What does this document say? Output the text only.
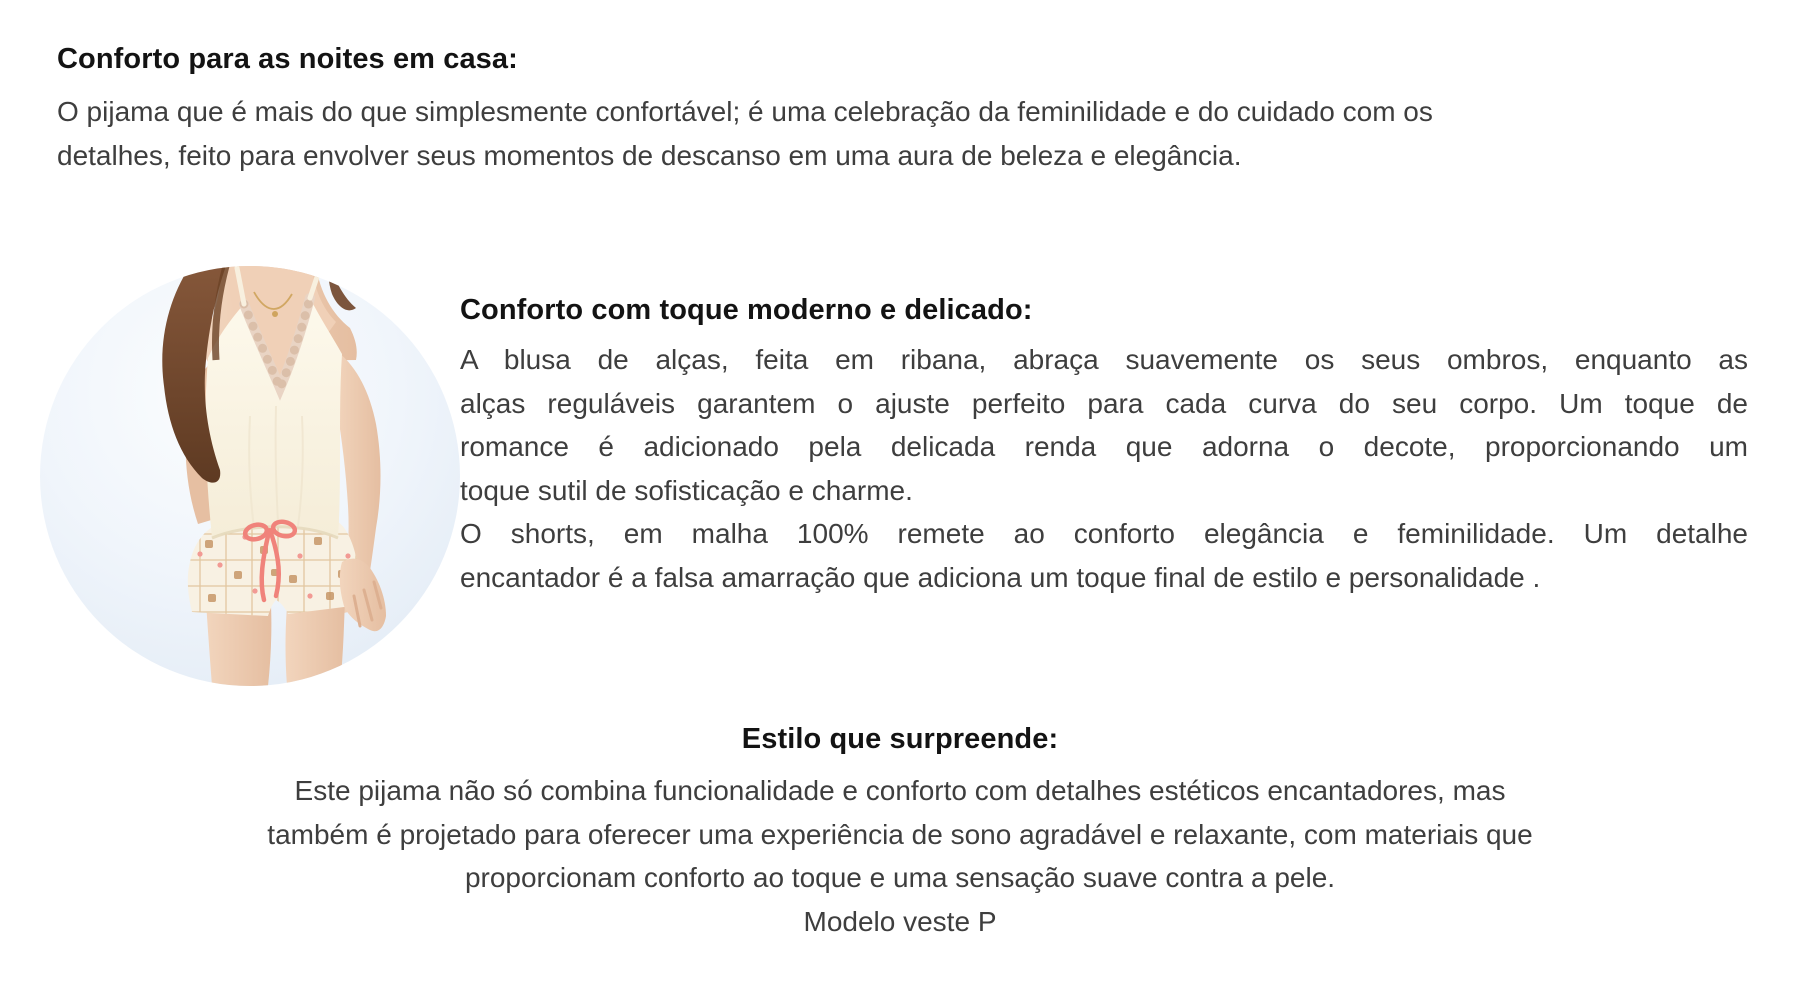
Conforto para as noites em casa:
O pijama que é mais do que simplesmente confortável; é uma celebração da feminilidade e do cuidado com os
detalhes, feito para envolver seus momentos de descanso em uma aura de beleza e elegância.
Conforto com toque moderno e delicado:
A blusa de alças, feita em ribana, abraça suavemente os seus ombros, enquanto as
alças reguláveis garantem o ajuste perfeito para cada curva do seu corpo. Um toque de
romance é adicionado pela delicada renda que adorna o decote, proporcionando um
toque sutil de sofisticação e charme.
O shorts, em malha 100% remete ao conforto elegância e feminilidade. Um detalhe
encantador é a falsa amarração que adiciona um toque final de estilo e personalidade .
Estilo que surpreende:
Este pijama não só combina funcionalidade e conforto com detalhes estéticos encantadores, mas
também é projetado para oferecer uma experiência de sono agradável e relaxante, com materiais que
proporcionam conforto ao toque e uma sensação suave contra a pele.
Modelo veste P
